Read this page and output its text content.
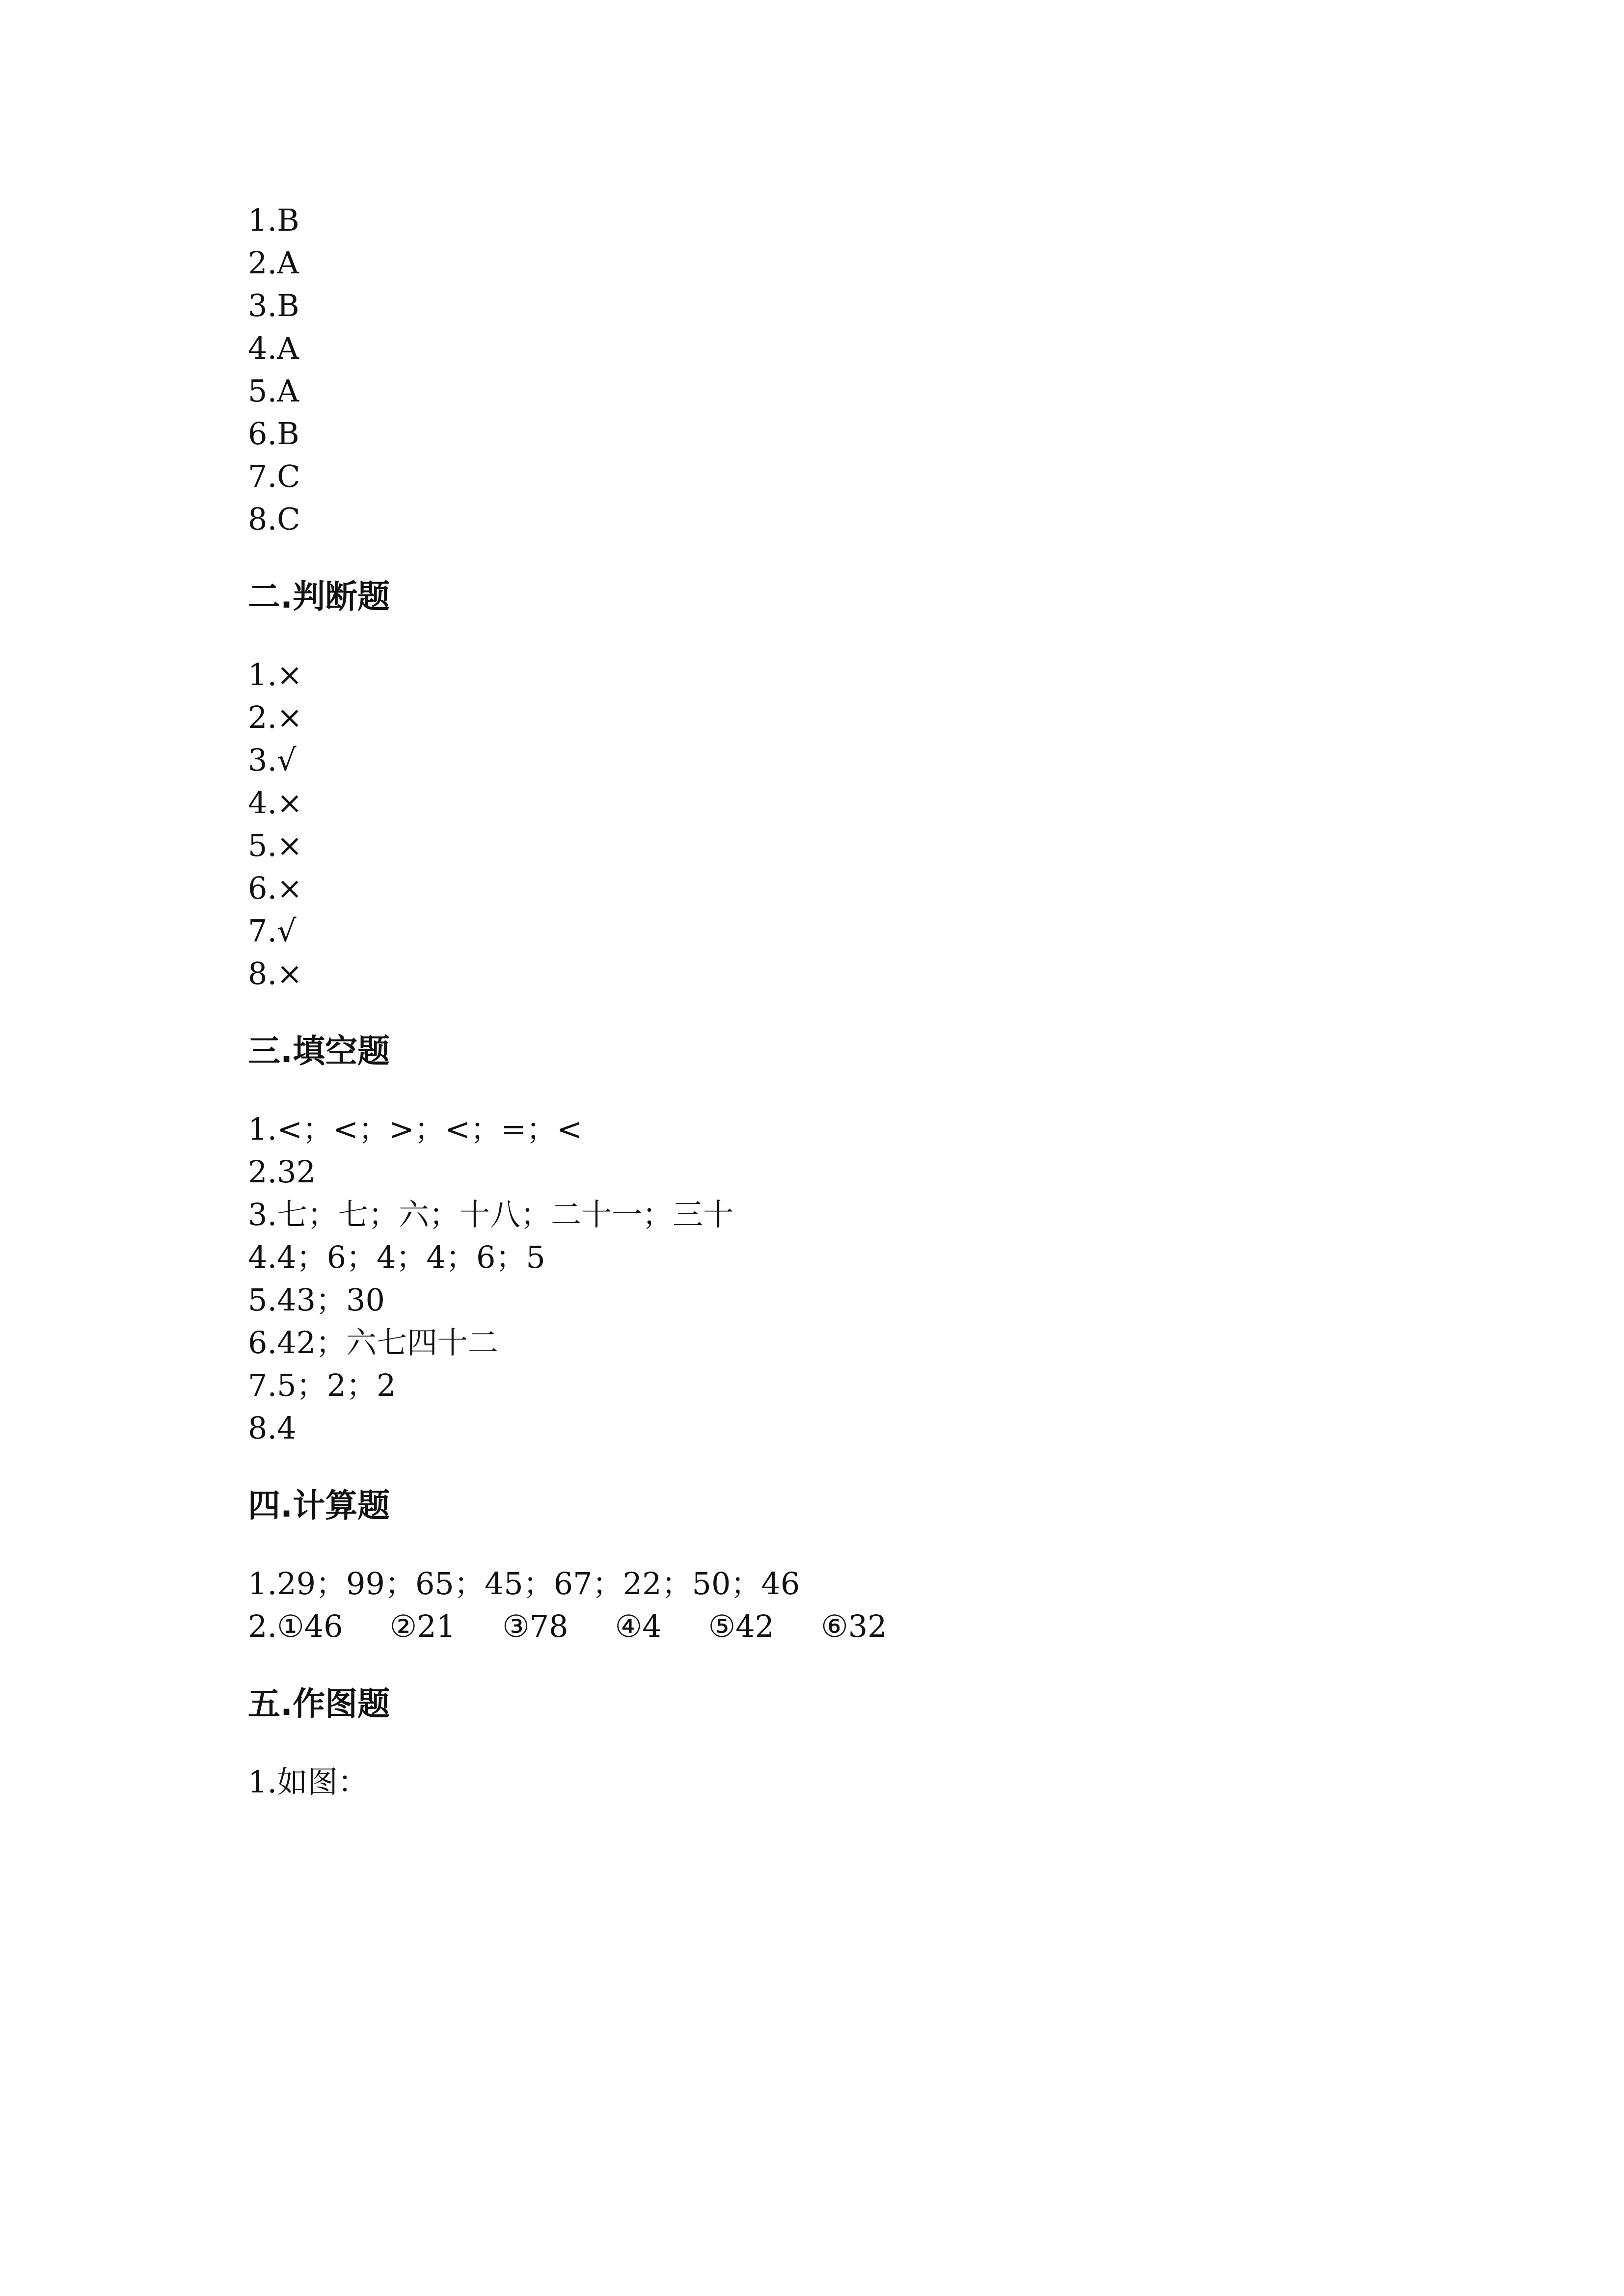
1.B
2.A
3.B
4.A
5.A
6.B
7.C
8.C
二.判断题
1.×
2.×
3.√
4.×
5.×
6.×
7.√
8.×
三.填空题
1.<；<；>；<；=；<
2.32
3.七；七；六；十八；二十一；三十
4.4；6；4；4；6；5
5.43；30
6.42；六七四十二
7.5；2；2
8.4
四.计算题
1.29；99；65；45；67；22；50；46
2. ①46 ②21 ③78 ④4 ⑤42 ⑥32
五.作图题
1.如图：
